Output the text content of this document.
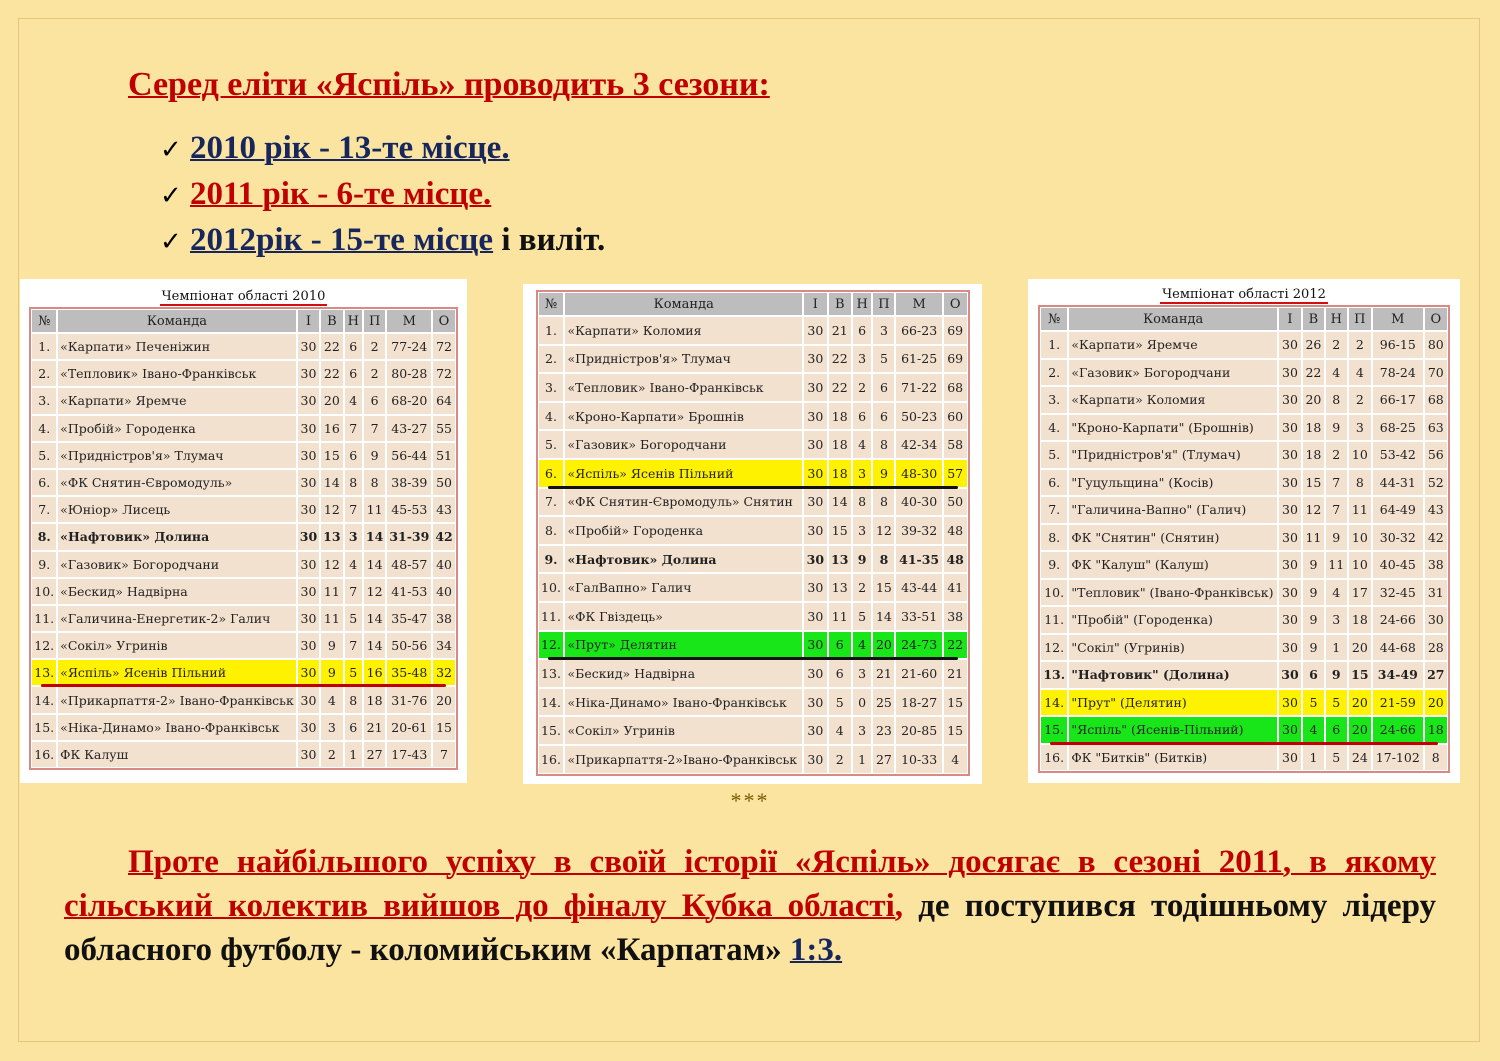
Серед еліти «Яспіль» проводить 3 сезони:
✓ 2010 рік - 13-те місце.
✓ 2011 рік - 6-те місце.
✓ 2012рік - 15-те місце і виліт.
Чемпіонат області 2010
№	Команда	І	В	Н	П	М	О
1.	«Карпати» Печеніжин	30	22	6	2	77-24	72
2.	«Тепловик» Івано-Франківськ	30	22	6	2	80-28	72
3.	«Карпати» Яремче	30	20	4	6	68-20	64
4.	«Пробій» Городенка	30	16	7	7	43-27	55
5.	«Придністров'я» Тлумач	30	15	6	9	56-44	51
6.	«ФК Снятин-Євромодуль»	30	14	8	8	38-39	50
7.	«Юніор» Лисець	30	12	7	11	45-53	43
8.	«Нафтовик» Долина	30	13	3	14	31-39	42
9.	«Газовик» Богородчани	30	12	4	14	48-57	40
10.	«Бескид» Надвірна	30	11	7	12	41-53	40
11.	«Галичина-Енергетик-2» Галич	30	11	5	14	35-47	38
12.	«Сокіл» Угринів	30	9	7	14	50-56	34
13.	«Яспіль» Ясенів Пільний	30	9	5	16	35-48	32
14.	«Прикарпаття-2» Івано-Франківськ	30	4	8	18	31-76	20
15.	«Ніка-Динамо» Івано-Франківськ	30	3	6	21	20-61	15
16.	ФК Калуш	30	2	1	27	17-43	7
№	Команда	І	В	Н	П	М	О
1.	«Карпати» Коломия	30	21	6	3	66-23	69
2.	«Придністров'я» Тлумач	30	22	3	5	61-25	69
3.	«Тепловик» Івано-Франківськ	30	22	2	6	71-22	68
4.	«Кроно-Карпати» Брошнів	30	18	6	6	50-23	60
5.	«Газовик» Богородчани	30	18	4	8	42-34	58
6.	«Яспіль» Ясенів Пільний	30	18	3	9	48-30	57
7.	«ФК Снятин-Євромодуль» Снятин	30	14	8	8	40-30	50
8.	«Пробій» Городенка	30	15	3	12	39-32	48
9.	«Нафтовик» Долина	30	13	9	8	41-35	48
10.	«ГалВапно» Галич	30	13	2	15	43-44	41
11.	«ФК Гвіздець»	30	11	5	14	33-51	38
12.	«Прут» Делятин	30	6	4	20	24-73	22
13.	«Бескид» Надвірна	30	6	3	21	21-60	21
14.	«Ніка-Динамо» Івано-Франківськ	30	5	0	25	18-27	15
15.	«Сокіл» Угринів	30	4	3	23	20-85	15
16.	«Прикарпаття-2»Івано-Франківськ	30	2	1	27	10-33	4
Чемпіонат області 2012
№	Команда	І	В	Н	П	М	О
1.	«Карпати» Яремче	30	26	2	2	96-15	80
2.	«Газовик» Богородчани	30	22	4	4	78-24	70
3.	«Карпати» Коломия	30	20	8	2	66-17	68
4.	"Кроно-Карпати" (Брошнів)	30	18	9	3	68-25	63
5.	"Придністров'я" (Тлумач)	30	18	2	10	53-42	56
6.	"Гуцульщина" (Косів)	30	15	7	8	44-31	52
7.	"Галичина-Вапно" (Галич)	30	12	7	11	64-49	43
8.	ФК "Снятин" (Снятин)	30	11	9	10	30-32	42
9.	ФК "Калуш" (Калуш)	30	9	11	10	40-45	38
10.	"Тепловик" (Івано-Франківськ)	30	9	4	17	32-45	31
11.	"Пробій" (Городенка)	30	9	3	18	24-66	30
12.	"Сокіл" (Угринів)	30	9	1	20	44-68	28
13.	"Нафтовик" (Долина)	30	6	9	15	34-49	27
14.	"Прут" (Делятин)	30	5	5	20	21-59	20
15.	"Яспіль" (Ясенів-Пільний)	30	4	6	20	24-66	18
16.	ФК "Битків" (Битків)	30	1	5	24	17-102	8
***

Проте найбільшого успіху в своїй історії «Яспіль» досягає в сезоні 2011, в якому сільський колектив вийшов до фіналу Кубка області, де поступився тодішньому лідеру обласного футболу - коломийським «Карпатам» 1:3.
